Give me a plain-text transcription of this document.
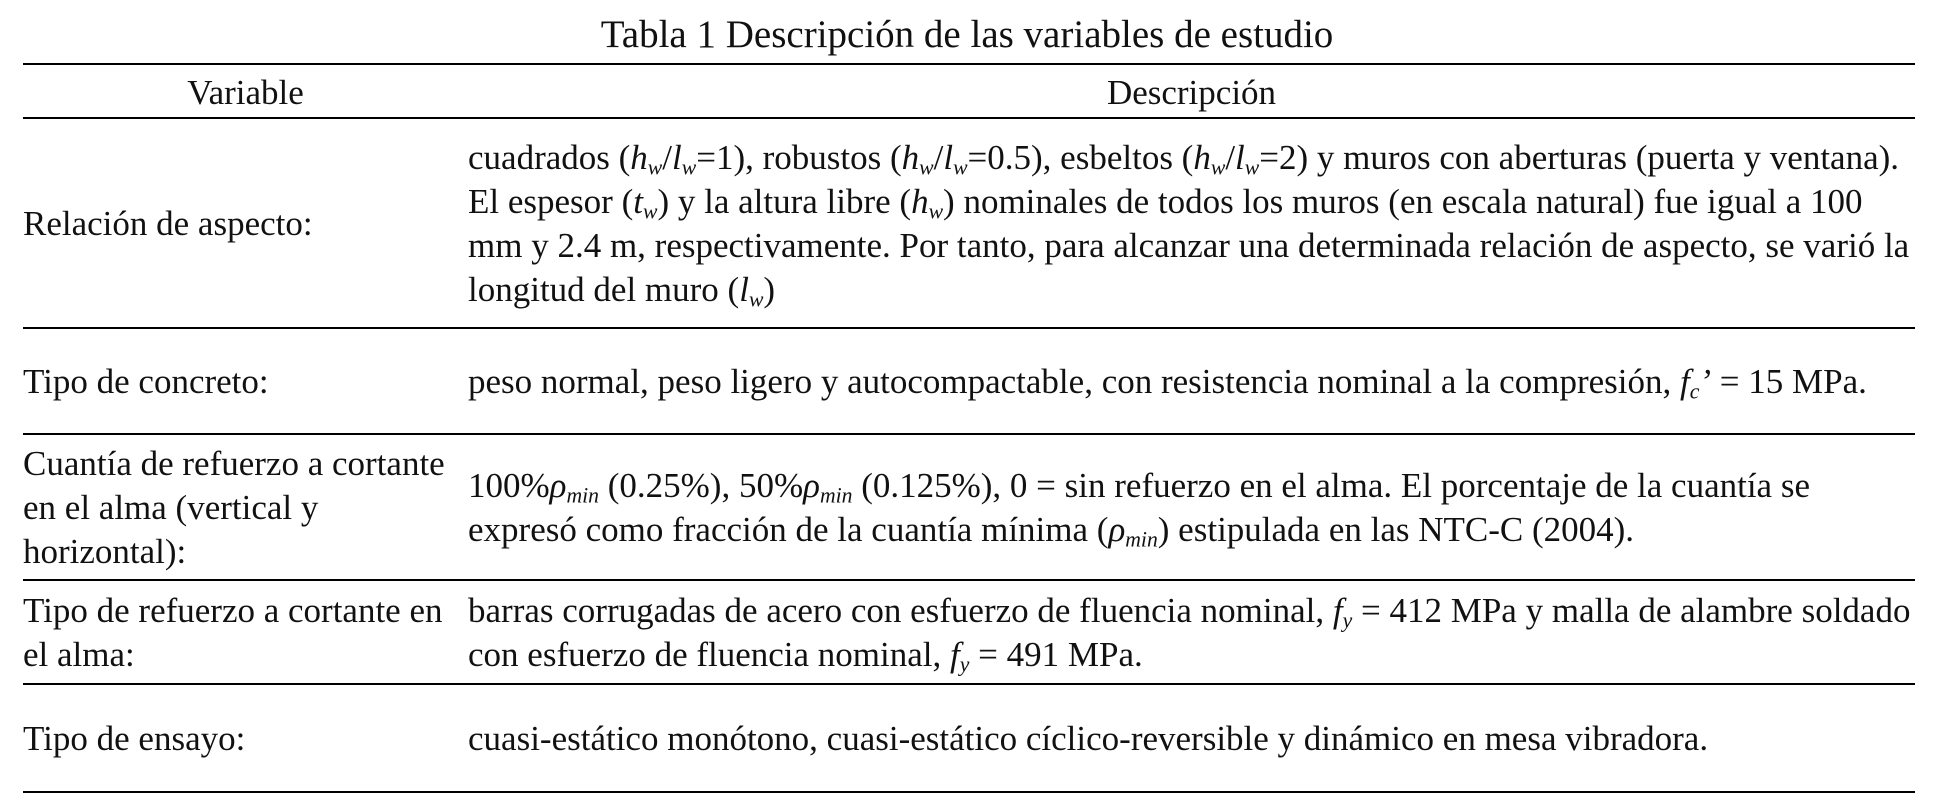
Tabla 1 Descripción de las variables de estudio
Variable	Descripción
Relación de aspecto:	cuadrados $(h_w/l_w=1)$, robustos $(h_w/l_w=0.5)$, esbeltos $(h_w/l_w=2)$ y muros con aberturas (puerta y ventana). El espesor $(t_w)$ y la altura libre $(h_w)$ nominales de todos los muros (en escala natural) fue igual a 100 mm y 2.4 m, respectivamente. Por tanto, para alcanzar una determinada relación de aspecto, se varió la longitud del muro $(l_w)$
Tipo de concreto:	peso normal, peso ligero y autocompactable, con resistencia nominal a la compresión, $f_c$’ = 15 MPa.
Cuantía de refuerzo a cortante en el alma (vertical y horizontal):	$100\%\rho_{min}$ (0.25%), $50\%\rho_{min}$ (0.125%), 0 = sin refuerzo en el alma. El porcentaje de la cuantía se expresó como fracción de la cuantía mínima $(\rho_{min})$ estipulada en las NTC-C (2004).
Tipo de refuerzo a cortante en el alma:	barras corrugadas de acero con esfuerzo de fluencia nominal, $f_y = 412$ MPa y malla de alambre soldado con esfuerzo de fluencia nominal, $f_y = 491$ MPa.
Tipo de ensayo:	cuasi-estático monótono, cuasi-estático cíclico-reversible y dinámico en mesa vibradora.
